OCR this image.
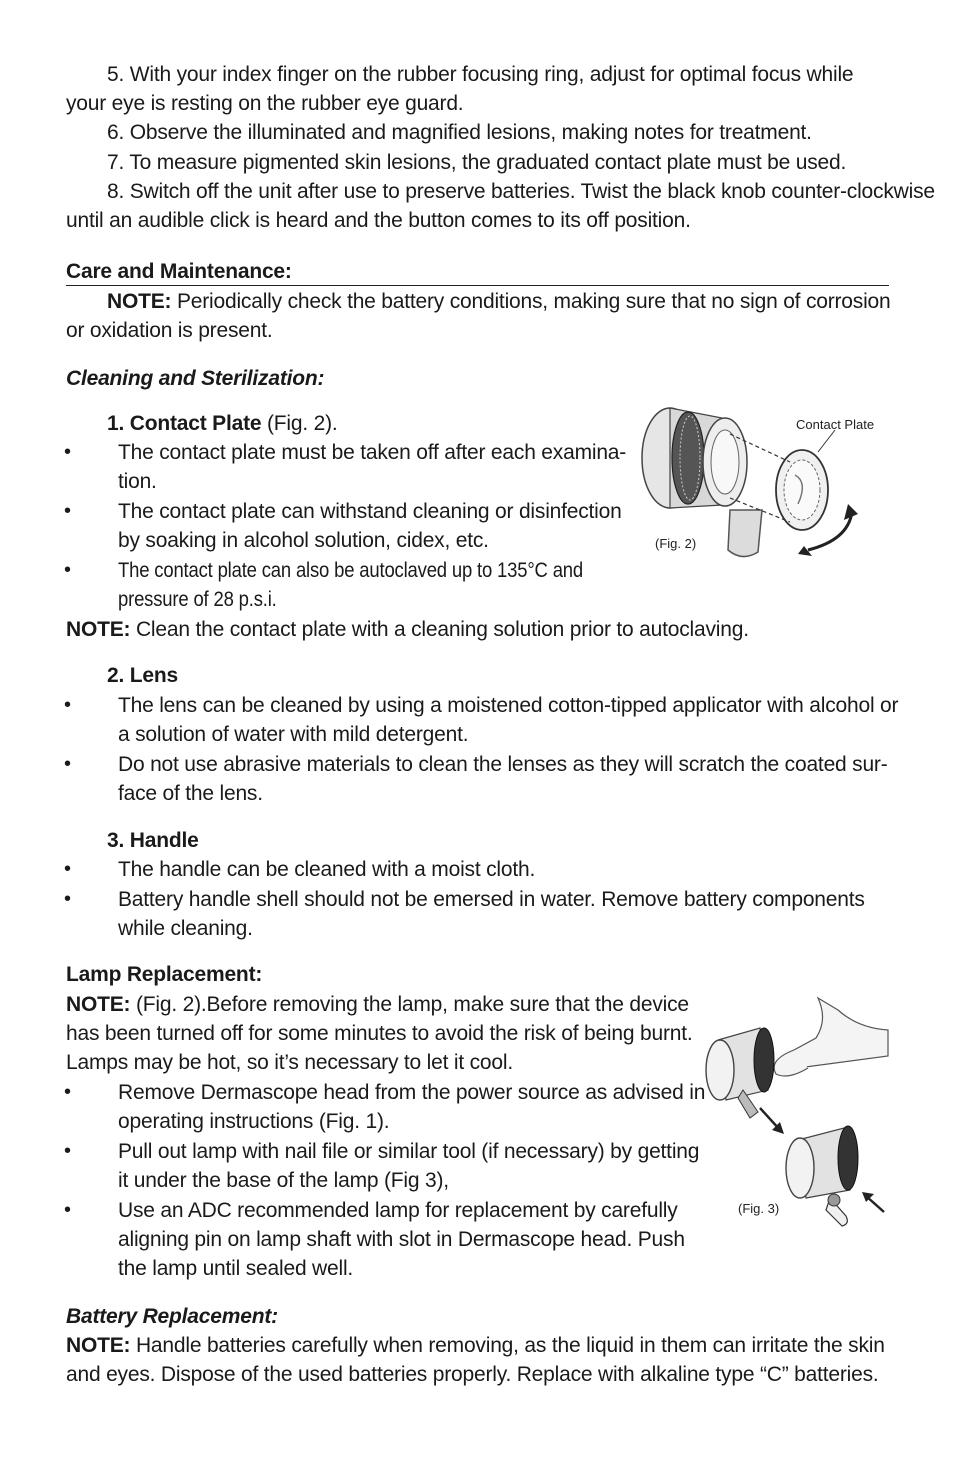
5. With your index finger on the rubber focusing ring, adjust for optimal focus while
your eye is resting on the rubber eye guard.
6. Observe the illuminated and magnified lesions, making notes for treatment.
7. To measure pigmented skin lesions, the graduated contact plate must be used.
8. Switch off the unit after use to preserve batteries. Twist the black knob counter-clockwise
until an audible click is heard and the button comes to its off position.
Care and Maintenance:
NOTE: Periodically check the battery conditions, making sure that no sign of corrosion
or oxidation is present.
Cleaning and Sterilization:
1. Contact Plate (Fig. 2).
• The contact plate must be taken off after each examina-
tion.
• The contact plate can withstand cleaning or disinfection
by soaking in alcohol solution, cidex, etc.
• The contact plate can also be autoclaved up to 135°C and
pressure of 28 p.s.i.
NOTE: Clean the contact plate with a cleaning solution prior to autoclaving.
2. Lens
• The lens can be cleaned by using a moistened cotton-tipped applicator with alcohol or
a solution of water with mild detergent.
• Do not use abrasive materials to clean the lenses as they will scratch the coated sur-
face of the lens.
3. Handle
• The handle can be cleaned with a moist cloth.
• Battery handle shell should not be emersed in water. Remove battery components
while cleaning.
Lamp Replacement:
NOTE: (Fig. 2).Before removing the lamp, make sure that the device
has been turned off for some minutes to avoid the risk of being burnt.
Lamps may be hot, so it’s necessary to let it cool.
• Remove Dermascope head from the power source as advised in
operating instructions (Fig. 1).
• Pull out lamp with nail file or similar tool (if necessary) by getting
it under the base of the lamp (Fig 3),
• Use an ADC recommended lamp for replacement by carefully
aligning pin on lamp shaft with slot in Dermascope head. Push
the lamp until sealed well.
Battery Replacement:
NOTE: Handle batteries carefully when removing, as the liquid in them can irritate the skin
and eyes. Dispose of the used batteries properly. Replace with alkaline type “C” batteries.
Contact Plate
(Fig. 2)
(Fig. 3)
